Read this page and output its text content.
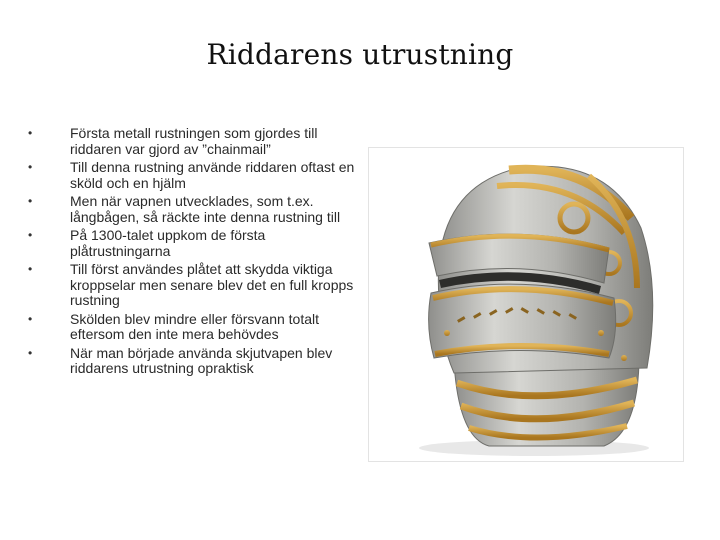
Riddarens utrustning
•	Första metall rustningen som gjordes till riddaren var gjord av ”chainmail”
•	Till denna rustning använde riddaren oftast en sköld och en hjälm
•	Men när vapnen utvecklades, som t.ex. långbågen, så räckte inte denna rustning till
•	På 1300-talet uppkom de första plåtrustningarna
•	Till först användes plåtet att skydda viktiga kroppselar men senare blev det en full kropps rustning
•	Skölden blev mindre eller försvann totalt eftersom den inte mera behövdes
•	När man började använda skjutvapen blev riddarens utrustning opraktisk
